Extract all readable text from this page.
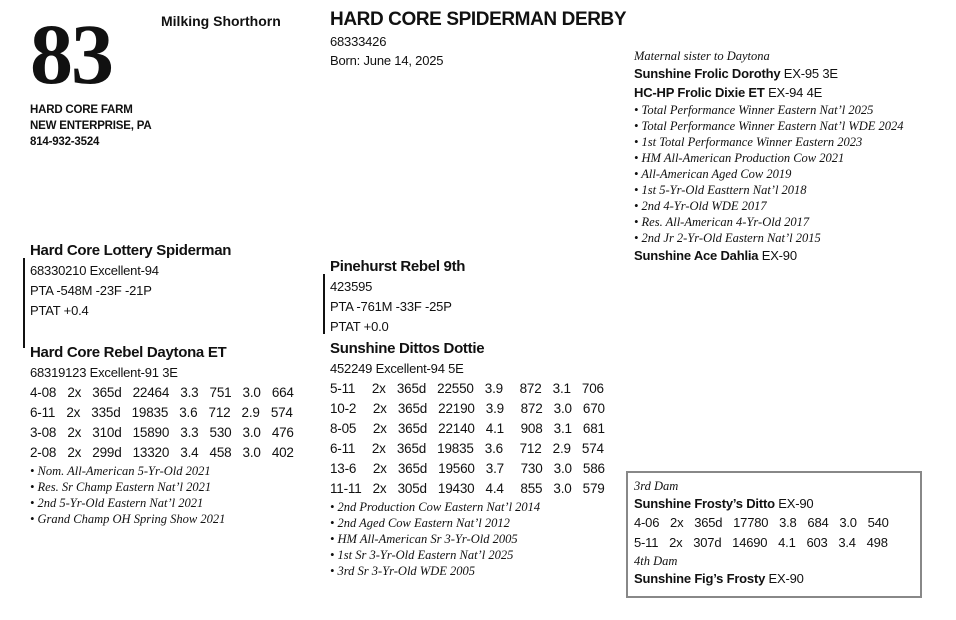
83	Milking Shorthorn
HARD CORE FARM
NEW ENTERPRISE, PA
814-932-3524
HARD CORE SPIDERMAN DERBY
68333426
Born: June 14, 2025
Hard Core Lottery Spiderman
68330210 Excellent-94
PTA -548M -23F -21P
PTAT +0.4
Hard Core Rebel Daytona ET
68319123 Excellent-91 3E
4-08  2x  365d  22464  3.3  751  3.0  664
6-11  2x  335d  19835  3.6  712  2.9  574
3-08  2x  310d  15890  3.3  530  3.0  476
2-08  2x  299d  13320  3.4  458  3.0  402
• Nom. All-American 5-Yr-Old 2021
• Res. Sr Champ Eastern Nat’l 2021
• 2nd 5-Yr-Old Eastern Nat’l 2021
• Grand Champ OH Spring Show 2021
Pinehurst Rebel 9th
423595
PTA -761M -33F -25P
PTAT +0.0
Sunshine Dittos Dottie
452249 Excellent-94 5E
5-11   2x  365d  22550  3.9   872  3.1  706
10-2   2x  365d  22190  3.9   872  3.0  670
8-05   2x  365d  22140  4.1   908  3.1  681
6-11   2x  365d  19835  3.6   712  2.9  574
13-6   2x  365d  19560  3.7   730  3.0  586
11-11  2x  305d  19430  4.4   855  3.0  579
• 2nd Production Cow Eastern Nat’l 2014
• 2nd Aged Cow Eastern Nat’l 2012
• HM All-American Sr 3-Yr-Old 2005
• 1st Sr 3-Yr-Old Eastern Nat’l 2025
• 3rd Sr 3-Yr-Old WDE 2005
Maternal sister to Daytona
Sunshine Frolic Dorothy EX-95 3E
HC-HP Frolic Dixie ET EX-94 4E
• Total Performance Winner Eastern Nat’l 2025
• Total Performance Winner Eastern Nat’l WDE 2024
• 1st Total Performance Winner Eastern 2023
• HM All-American Production Cow 2021
• All-American Aged Cow 2019
• 1st 5-Yr-Old Easttern Nat’l 2018
• 2nd 4-Yr-Old WDE 2017
• Res. All-American 4-Yr-Old 2017
• 2nd Jr 2-Yr-Old Eastern Nat’l 2015
Sunshine Ace Dahlia EX-90
3rd Dam
Sunshine Frosty’s Ditto EX-90
4-06  2x  365d  17780  3.8  684  3.0  540
5-11  2x  307d  14690  4.1  603  3.4  498
4th Dam
Sunshine Fig’s Frosty EX-90
